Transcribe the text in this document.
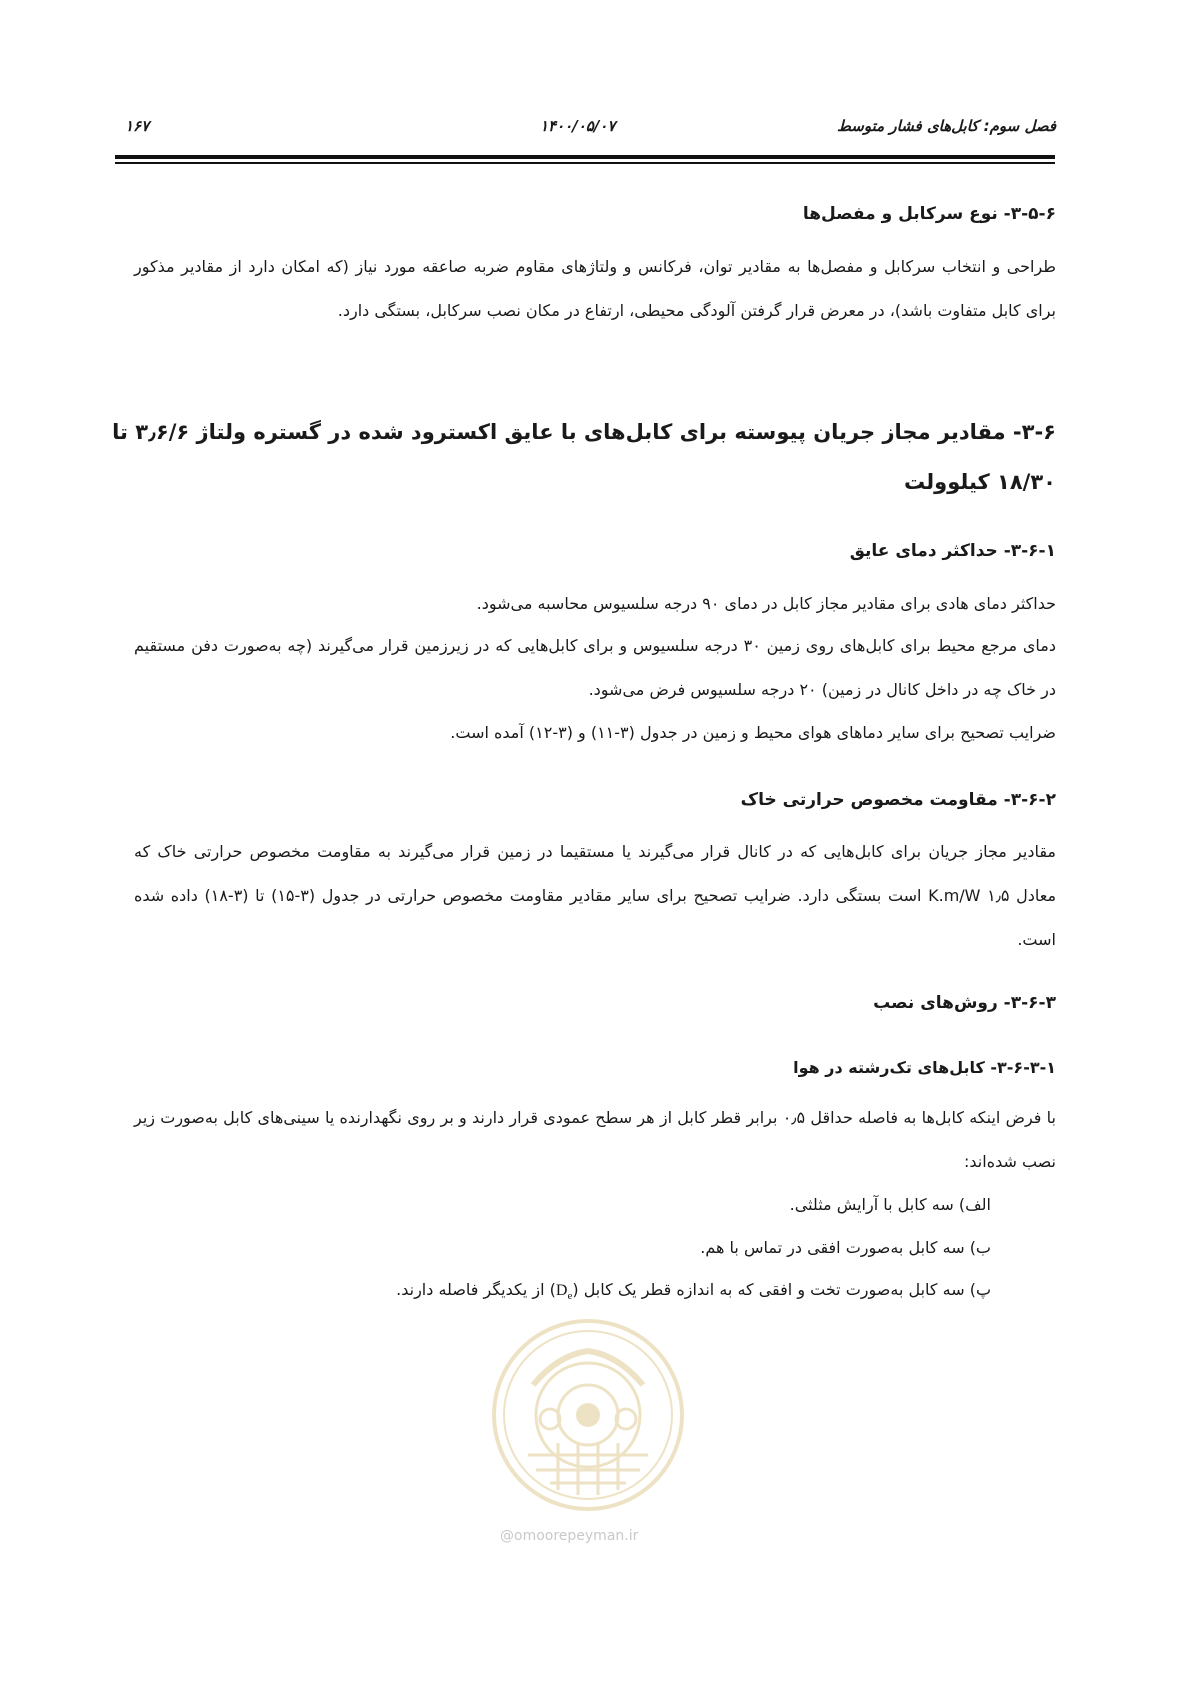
فصل سوم: کابل‌های فشار متوسط
۱۴۰۰/۰۵/۰۷
۱۶۷
۳-۵-۶- نوع سرکابل و مفصل‌ها
طراحی و انتخاب سرکابل و مفصل‌ها به مقادیر توان، فرکانس و ولتاژهای مقاوم ضربه صاعقه مورد نیاز (که امکان دارد از مقادیر مذکور برای کابل متفاوت باشد)، در معرض قرار گرفتن آلودگی محیطی، ارتفاع در مکان نصب سرکابل، بستگی دارد.
۳-۶- مقادیر مجاز جریان پیوسته برای کابل‌های با عایق اکسترود شده در گستره ولتاژ ۳٫۶/۶ تا
۱۸/۳۰ کیلوولت
۳-۶-۱- حداکثر دمای عایق
حداکثر دمای هادی برای مقادیر مجاز کابل در دمای ۹۰ درجه سلسیوس محاسبه می‌شود.
دمای مرجع محیط برای کابل‌های روی زمین ۳۰ درجه سلسیوس و برای کابل‌هایی که در زیرزمین قرار می‌گیرند (چه به‌صورت دفن مستقیم در خاک چه در داخل کانال در زمین) ۲۰ درجه سلسیوس فرض می‌شود.
ضرایب تصحیح برای سایر دماهای هوای محیط و زمین در جدول (۳-۱۱) و (۳-۱۲) آمده است.
۳-۶-۲- مقاومت مخصوص حرارتی خاک
مقادیر مجاز جریان برای کابل‌هایی که در کانال قرار می‌گیرند یا مستقیما در زمین قرار می‌گیرند به مقاومت مخصوص حرارتی خاک که معادل K.m/W ۱٫۵ است بستگی دارد. ضرایب تصحیح برای سایر مقادیر مقاومت مخصوص حرارتی در جدول (۳-۱۵) تا (۳-۱۸) داده شده است.
۳-۶-۳- روش‌های نصب
۳-۶-۳-۱- کابل‌های تک‌رشته در هوا
با فرض اینکه کابل‌ها به فاصله حداقل ۰٫۵ برابر قطر کابل از هر سطح عمودی قرار دارند و بر روی نگهدارنده یا سینی‌های کابل به‌صورت زیر نصب شده‌اند:
الف) سه کابل با آرایش مثلثی.
ب) سه کابل به‌صورت افقی در تماس با هم.
پ) سه کابل به‌صورت تخت و افقی که به اندازه قطر یک کابل $(D_e)$ از یکدیگر فاصله دارند.
@omoorepeyman.ir
